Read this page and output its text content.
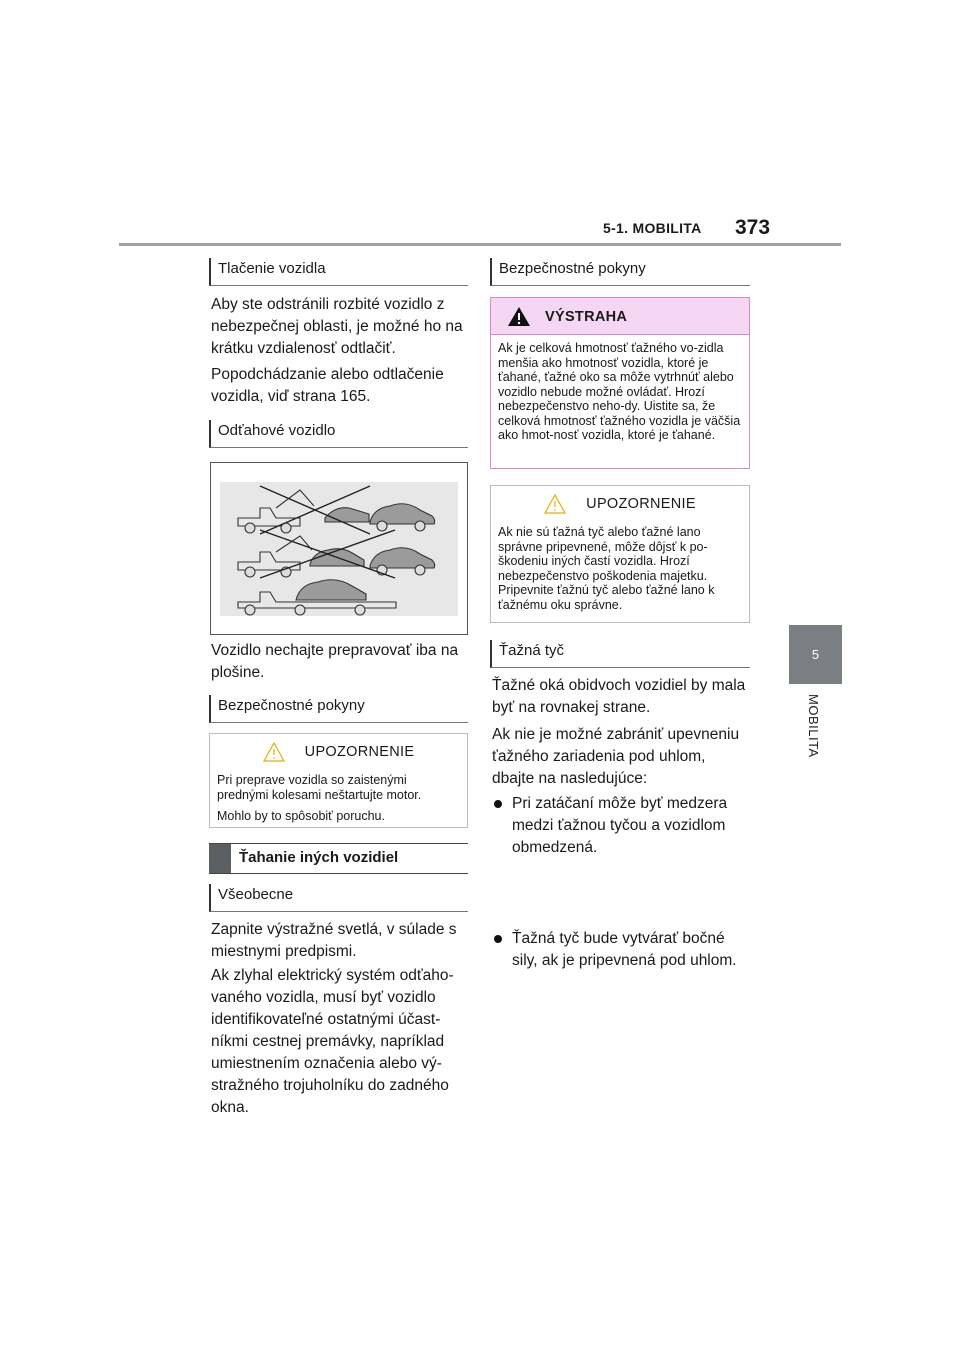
5-1. MOBILITA 373
5
MOBILITA
Tlačenie vozidla
Aby ste odstránili rozbité vozidlo z nebezpečnej oblasti, je možné ho na krátku vzdialenosť odtlačiť.
Popodchádzanie alebo odtlačenie vozidla, viď strana 165.
Odťahové vozidlo
Vozidlo nechajte prepravovať iba na plošine.
Bezpečnostné pokyny
UPOZORNENIE

Pri preprave vozidla so zaistenými prednými kolesami neštartujte motor.

Mohlo by to spôsobiť poruchu.

Ťahanie iných vozidiel
Všeobecne
Zapnite výstražné svetlá, v súlade s miestnymi predpismi.
Ak zlyhal elektrický systém odťaho-vaného vozidla, musí byť vozidlo identifikovateľné ostatnými účast-níkmi cestnej premávky, napríklad umiestnením označenia alebo vý-stražného trojuholníku do zadného okna.
Bezpečnostné pokyny
VÝSTRAHA
Ak je celková hmotnosť ťažného vo-zidla menšia ako hmotnosť vozidla, ktoré je ťahané, ťažné oko sa môže vytrhnúť alebo vozidlo nebude možné ovládať. Hrozí nebezpečenstvo neho-dy. Uistite sa, že celková hmotnosť ťažného vozidla je väčšia ako hmot-nosť vozidla, ktoré je ťahané.
UPOZORNENIE
Ak nie sú ťažná tyč alebo ťažné lano správne pripevnené, môže dôjsť k po-škodeniu iných častí vozidla. Hrozí nebezpečenstvo poškodenia majetku. Pripevnite ťažnú tyč alebo ťažné lano k ťažnému oku správne.
Ťažná tyč
Ťažné oká obidvoch vozidiel by mala byť na rovnakej strane.
Ak nie je možné zabrániť upevneniu ťažného zariadenia pod uhlom, dbajte na nasledujúce:
Pri zatáčaní môže byť medzera medzi ťažnou tyčou a vozidlom obmedzená.
Ťažná tyč bude vytvárať bočné sily, ak je pripevnená pod uhlom.
